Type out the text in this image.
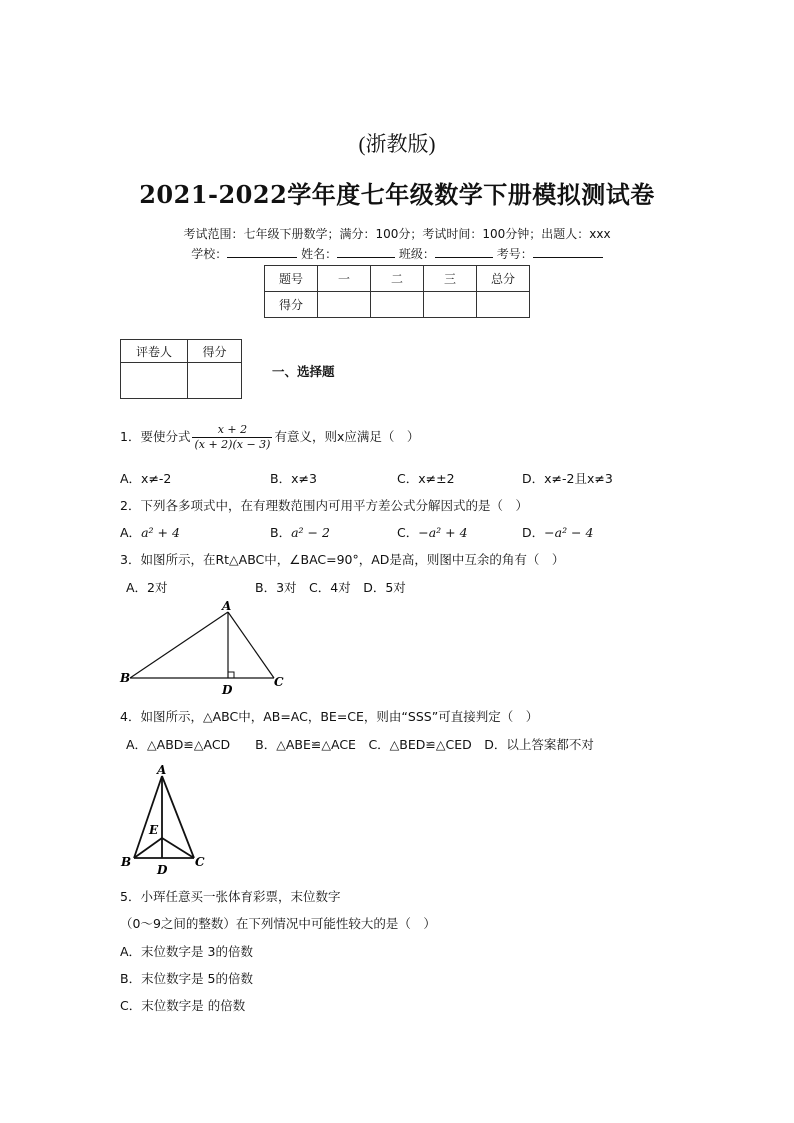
(浙教版)
2021-2022学年度七年级数学下册模拟测试卷
考试范围：七年级下册数学；满分：100分；考试时间：100分钟；出题人：xxx
学校：	姓名：	班级：	考号：
题号	一	二	三	总分
得分				
评卷人	得分

一、选择题
1．要使分式 $\frac{x + 2}{(x + 2)(x - 3)}$ 有意义，则x应满足（　）
A．x≠-2	B．x≠3	C．x≠±2	D．x≠-2且x≠3
2．下列各多项式中，在有理数范围内可用平方差公式分解因式的是（　）
A．a² + 4	B．a² − 2	C．−a² + 4	D．−a² − 4
3．如图所示，在Rt△ABC中，∠BAC=90°，AD是高，则图中互余的角有（　）
A．2对　　　　　　　B．3对　C．4对　D．5对
A
B	C
D
4．如图所示，△ABC中，AB=AC，BE=CE，则由“SSS”可直接判定（　）
A．△ABD≌△ACD　　B．△ABE≌△ACE　C．△BED≌△CED　D．以上答案都不对
A
E
B
D
C
5．小珲任意买一张体育彩票，末位数字
（0～9之间的整数）在下列情况中可能性较大的是（　）
A．末位数字是 3的倍数
B．末位数字是 5的倍数
C．末位数字是 的倍数
